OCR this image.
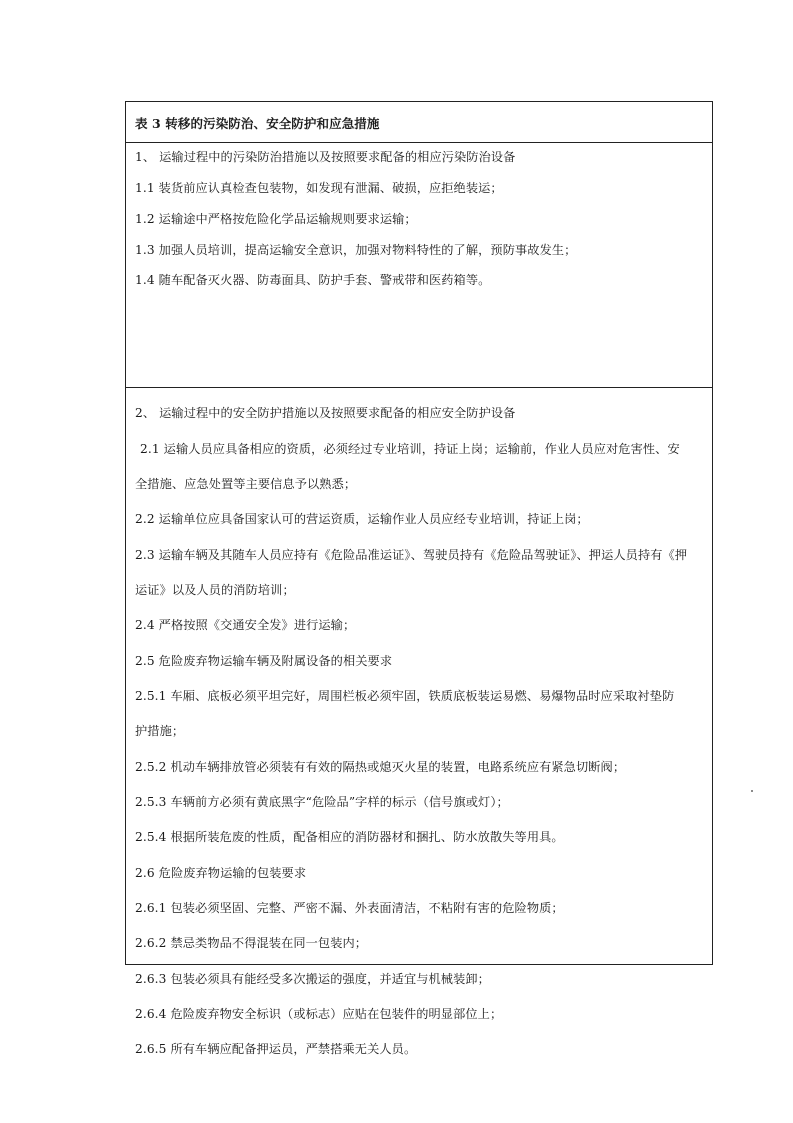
表 3 转移的污染防治、安全防护和应急措施
1、 运输过程中的污染防治措施以及按照要求配备的相应污染防治设备
1.1 装货前应认真检查包装物，如发现有泄漏、破损，应拒绝装运；
1.2 运输途中严格按危险化学品运输规则要求运输；
1.3 加强人员培训，提高运输安全意识，加强对物料特性的了解，预防事故发生；
1.4 随车配备灭火器、防毒面具、防护手套、警戒带和医药箱等。
2、 运输过程中的安全防护措施以及按照要求配备的相应安全防护设备
2.1 运输人员应具备相应的资质，必须经过专业培训，持证上岗；运输前，作业人员应对危害性、安
全措施、应急处置等主要信息予以熟悉；
2.2 运输单位应具备国家认可的营运资质，运输作业人员应经专业培训，持证上岗；
2.3 运输车辆及其随车人员应持有《危险品准运证》、驾驶员持有《危险品驾驶证》、押运人员持有《押
运证》以及人员的消防培训；
2.4 严格按照《交通安全发》进行运输；
2.5 危险废弃物运输车辆及附属设备的相关要求
2.5.1 车厢、底板必须平坦完好，周围栏板必须牢固，铁质底板装运易燃、易爆物品时应采取衬垫防
护措施；
2.5.2 机动车辆排放管必须装有有效的隔热或熄灭火星的装置，电路系统应有紧急切断阀；
2.5.3 车辆前方必须有黄底黑字“危险品”字样的标示（信号旗或灯）；
2.5.4 根据所装危废的性质，配备相应的消防器材和捆扎、防水放散失等用具。
2.6 危险废弃物运输的包装要求
2.6.1 包装必须坚固、完整、严密不漏、外表面清洁，不粘附有害的危险物质；
2.6.2 禁忌类物品不得混装在同一包装内；
2.6.3 包装必须具有能经受多次搬运的强度，并适宜与机械装卸；
2.6.4 危险废弃物安全标识（或标志）应贴在包装件的明显部位上；
2.6.5 所有车辆应配备押运员，严禁搭乘无关人员。
